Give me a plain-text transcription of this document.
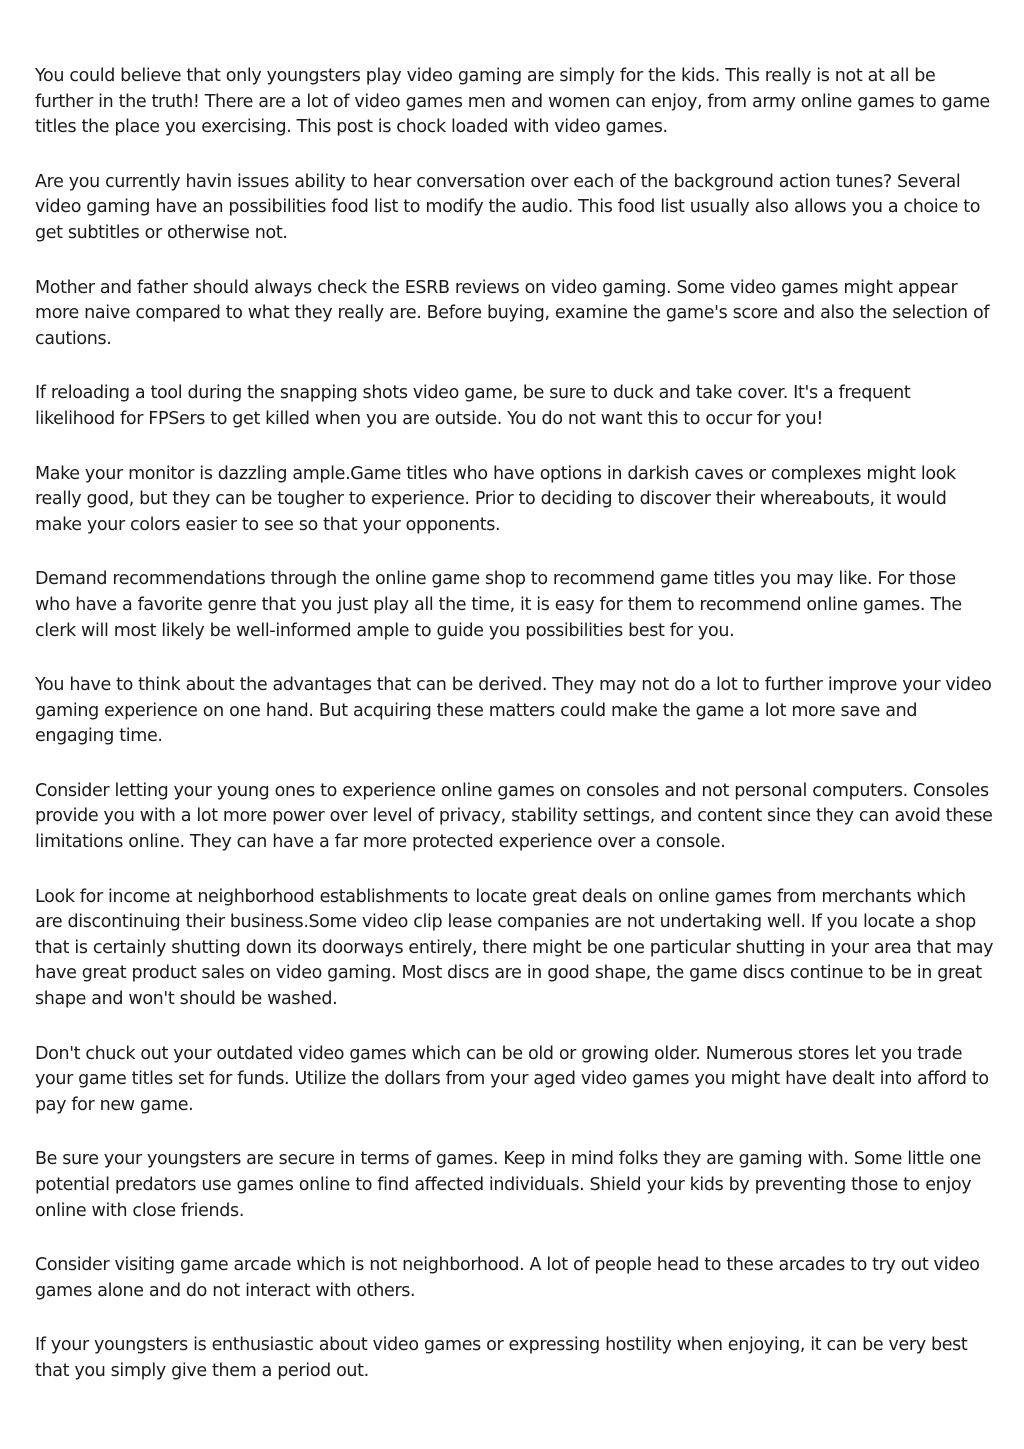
You could believe that only youngsters play video gaming are simply for the kids. This really is not at all be further in the truth! There are a lot of video games men and women can enjoy, from army online games to game titles the place you exercising. This post is chock loaded with video games.

Are you currently havin issues ability to hear conversation over each of the background action tunes? Several video gaming have an possibilities food list to modify the audio. This food list usually also allows you a choice to get subtitles or otherwise not.

Mother and father should always check the ESRB reviews on video gaming. Some video games might appear more naive compared to what they really are. Before buying, examine the game's score and also the selection of cautions.

If reloading a tool during the snapping shots video game, be sure to duck and take cover. It's a frequent likelihood for FPSers to get killed when you are outside. You do not want this to occur for you!

Make your monitor is dazzling ample.Game titles who have options in darkish caves or complexes might look really good, but they can be tougher to experience. Prior to deciding to discover their whereabouts, it would make your colors easier to see so that your opponents.

Demand recommendations through the online game shop to recommend game titles you may like. For those who have a favorite genre that you just play all the time, it is easy for them to recommend online games. The clerk will most likely be well-informed ample to guide you possibilities best for you.

You have to think about the advantages that can be derived. They may not do a lot to further improve your video gaming experience on one hand. But acquiring these matters could make the game a lot more save and engaging time.

Consider letting your young ones to experience online games on consoles and not personal computers. Consoles provide you with a lot more power over level of privacy, stability settings, and content since they can avoid these limitations online. They can have a far more protected experience over a console.

Look for income at neighborhood establishments to locate great deals on online games from merchants which are discontinuing their business.Some video clip lease companies are not undertaking well. If you locate a shop that is certainly shutting down its doorways entirely, there might be one particular shutting in your area that may have great product sales on video gaming. Most discs are in good shape, the game discs continue to be in great shape and won't should be washed.

Don't chuck out your outdated video games which can be old or growing older. Numerous stores let you trade your game titles set for funds. Utilize the dollars from your aged video games you might have dealt into afford to pay for new game.

Be sure your youngsters are secure in terms of games. Keep in mind folks they are gaming with. Some little one potential predators use games online to find affected individuals. Shield your kids by preventing those to enjoy online with close friends.

Consider visiting game arcade which is not neighborhood. A lot of people head to these arcades to try out video games alone and do not interact with others.

If your youngsters is enthusiastic about video games or expressing hostility when enjoying, it can be very best that you simply give them a period out.
